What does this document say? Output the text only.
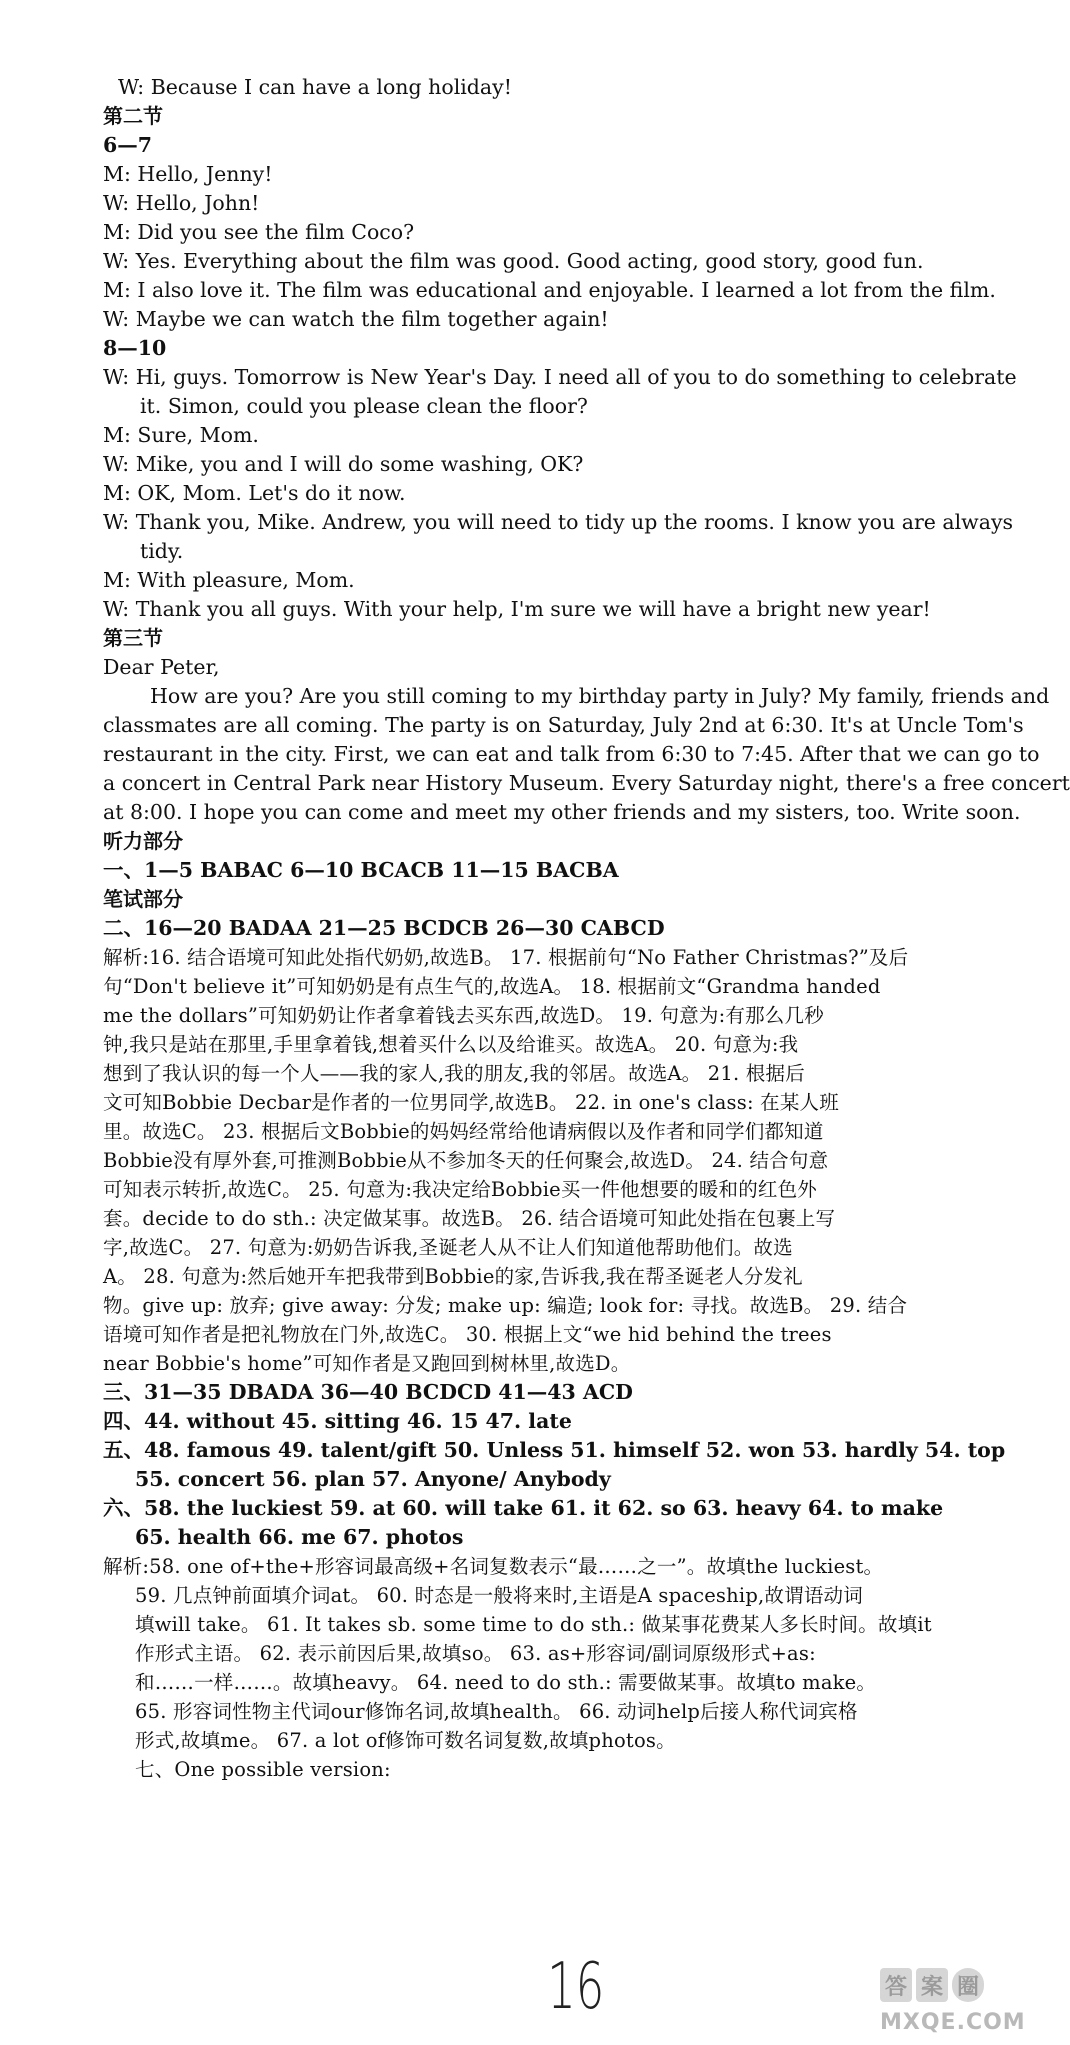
W: Because I can have a long holiday!
第二节
6—7
M: Hello, Jenny!
W: Hello, John!
M: Did you see the film Coco?
W: Yes. Everything about the film was good. Good acting, good story, good fun.
M: I also love it. The film was educational and enjoyable. I learned a lot from the film.
W: Maybe we can watch the film together again!
8—10
W: Hi, guys. Tomorrow is New Year's Day. I need all of you to do something to celebrate
it. Simon, could you please clean the floor?
M: Sure, Mom.
W: Mike, you and I will do some washing, OK?
M: OK, Mom. Let's do it now.
W: Thank you, Mike. Andrew, you will need to tidy up the rooms. I know you are always
tidy.
M: With pleasure, Mom.
W: Thank you all guys. With your help, I'm sure we will have a bright new year!
第三节
Dear Peter,
How are you? Are you still coming to my birthday party in July? My family, friends and
classmates are all coming. The party is on Saturday, July 2nd at 6:30. It's at Uncle Tom's
restaurant in the city. First, we can eat and talk from 6:30 to 7:45. After that we can go to
a concert in Central Park near History Museum. Every Saturday night, there's a free concert
at 8:00. I hope you can come and meet my other friends and my sisters, too. Write soon.
听力部分
一、1—5 BABAC 6—10 BCACB 11—15 BACBA
笔试部分
二、16—20 BADAA 21—25 BCDCB 26—30 CABCD
解析:16. 结合语境可知此处指代奶奶,故选B。 17. 根据前句“No Father Christmas?”及后
句“Don't believe it”可知奶奶是有点生气的,故选A。 18. 根据前文“Grandma handed
me the dollars”可知奶奶让作者拿着钱去买东西,故选D。 19. 句意为:有那么几秒
钟,我只是站在那里,手里拿着钱,想着买什么以及给谁买。故选A。 20. 句意为:我
想到了我认识的每一个人——我的家人,我的朋友,我的邻居。故选A。 21. 根据后
文可知Bobbie Decbar是作者的一位男同学,故选B。 22. in one's class: 在某人班
里。故选C。 23. 根据后文Bobbie的妈妈经常给他请病假以及作者和同学们都知道
Bobbie没有厚外套,可推测Bobbie从不参加冬天的任何聚会,故选D。 24. 结合句意
可知表示转折,故选C。 25. 句意为:我决定给Bobbie买一件他想要的暖和的红色外
套。decide to do sth.: 决定做某事。故选B。 26. 结合语境可知此处指在包裹上写
字,故选C。 27. 句意为:奶奶告诉我,圣诞老人从不让人们知道他帮助他们。故选
A。 28. 句意为:然后她开车把我带到Bobbie的家,告诉我,我在帮圣诞老人分发礼
物。give up: 放弃; give away: 分发; make up: 编造; look for: 寻找。故选B。 29. 结合
语境可知作者是把礼物放在门外,故选C。 30. 根据上文“we hid behind the trees
near Bobbie's home”可知作者是又跑回到树林里,故选D。
三、31—35 DBADA 36—40 BCDCD 41—43 ACD
四、44. without 45. sitting 46. 15 47. late
五、48. famous 49. talent/gift 50. Unless 51. himself 52. won 53. hardly 54. top
55. concert 56. plan 57. Anyone/ Anybody
六、58. the luckiest 59. at 60. will take 61. it 62. so 63. heavy 64. to make
65. health 66. me 67. photos
解析:58. one of+the+形容词最高级+名词复数表示“最……之一”。故填the luckiest。
59. 几点钟前面填介词at。 60. 时态是一般将来时,主语是A spaceship,故谓语动词
填will take。 61. It takes sb. some time to do sth.: 做某事花费某人多长时间。故填it
作形式主语。 62. 表示前因后果,故填so。 63. as+形容词/副词原级形式+as:
和……一样……。故填heavy。 64. need to do sth.: 需要做某事。故填to make。
65. 形容词性物主代词our修饰名词,故填health。 66. 动词help后接人称代词宾格
形式,故填me。 67. a lot of修饰可数名词复数,故填photos。
七、One possible version:
16	答 案 圈
MXQE.COM
